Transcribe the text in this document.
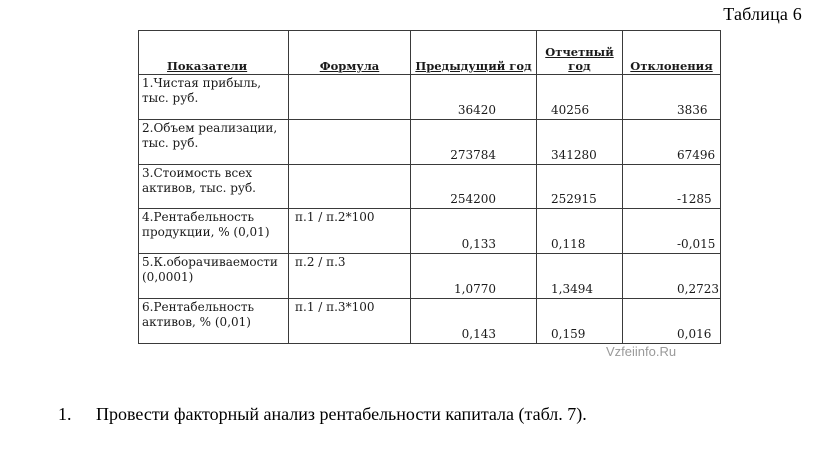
Таблица 6
Показатели	Формула	Предыдущий год	Отчетный год	Отклонения
1.Чистая прибыль, тыс. руб.		36420	40256	3836
2.Объем реализации, тыс. руб.		273784	341280	67496
3.Стоимость всех активов, тыс. руб.		254200	252915	-1285
4.Рентабельность продукции, % (0,01)	п.1 / п.2*100	0,133	0,118	-0,015
5.К.оборачиваемости (0,0001)	п.2 / п.3	1,0770	1,3494	0,2723
6.Рентабельность активов, % (0,01)	п.1 / п.3*100	0,143	0,159	0,016
Vzfeiinfo.Ru
1. Провести факторный анализ рентабельности капитала (табл. 7).
